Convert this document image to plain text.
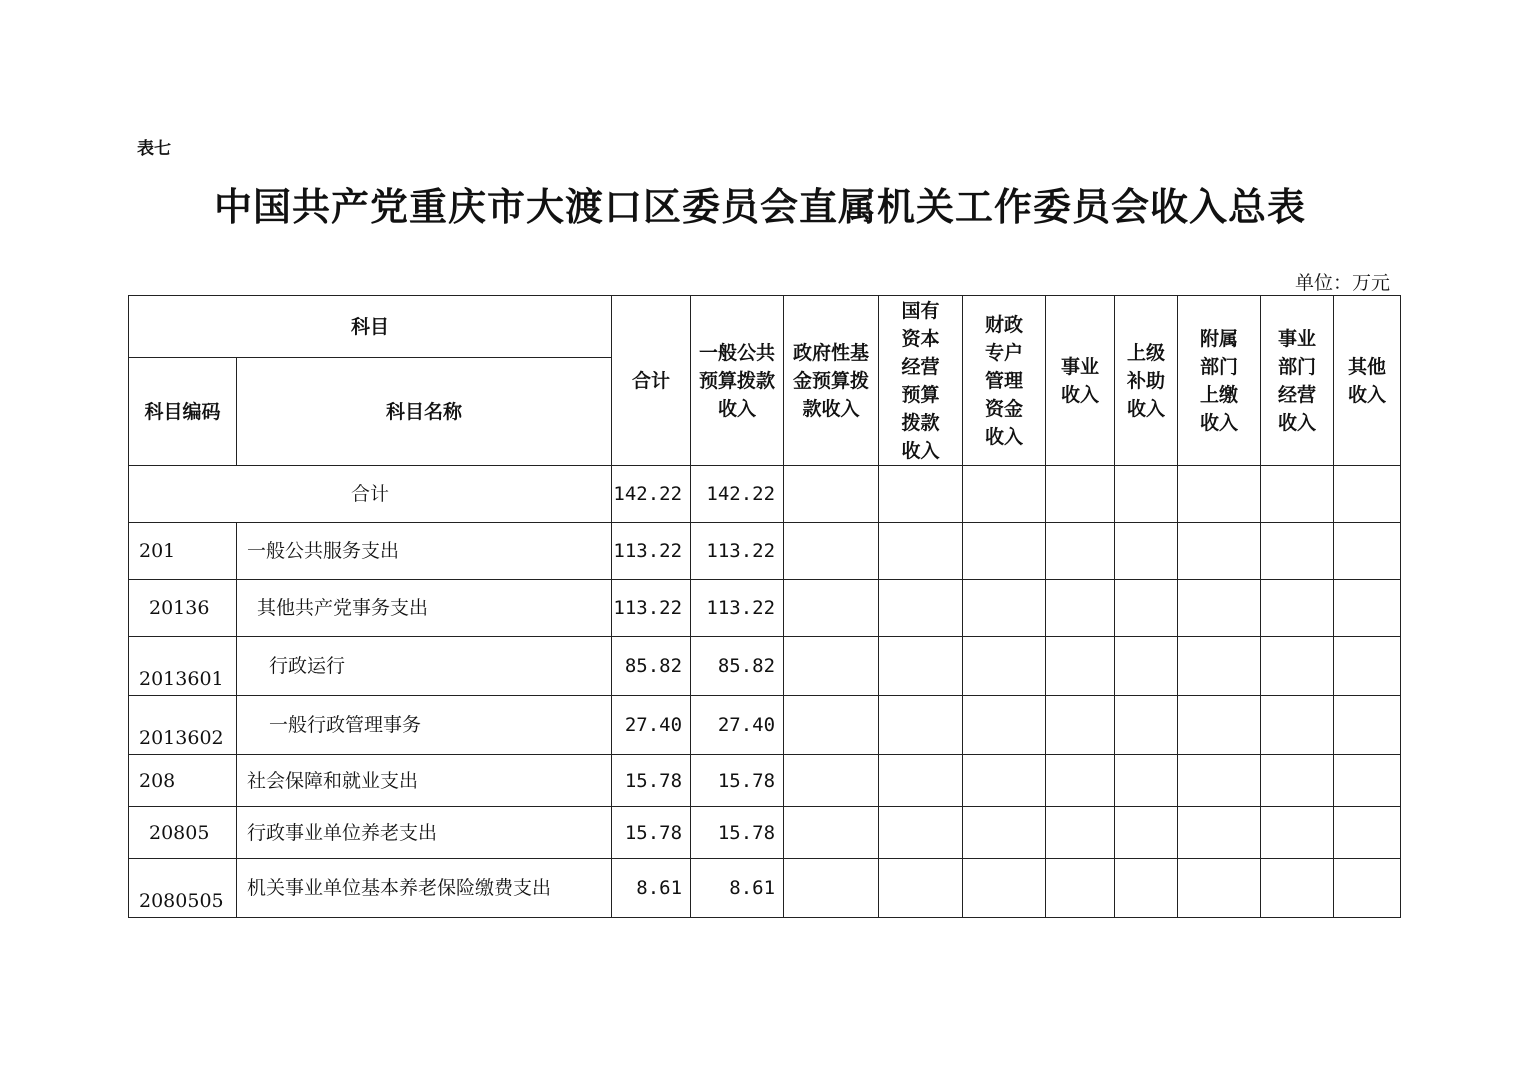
表七
中国共产党重庆市大渡口区委员会直属机关工作委员会收入总表
单位：万元
科目		合计	一般公共预算拨款收入	政府性基金预算拨款收入	国有资本经营预算拨款收入	财政专户管理资金收入	事业收入	上级补助收入	附属部门上缴收入	事业部门经营收入	其他收入
科目编码	科目名称										
合计		142.22	142.22								
201	一般公共服务支出	113.22	113.22								
20136	其他共产党事务支出	113.22	113.22								
2013601	行政运行	85.82	85.82								
2013602	一般行政管理事务	27.40	27.40								
208	社会保障和就业支出	15.78	15.78								
20805	行政事业单位养老支出	15.78	15.78								
2080505	机关事业单位基本养老保险缴费支出	8.61	8.61								
